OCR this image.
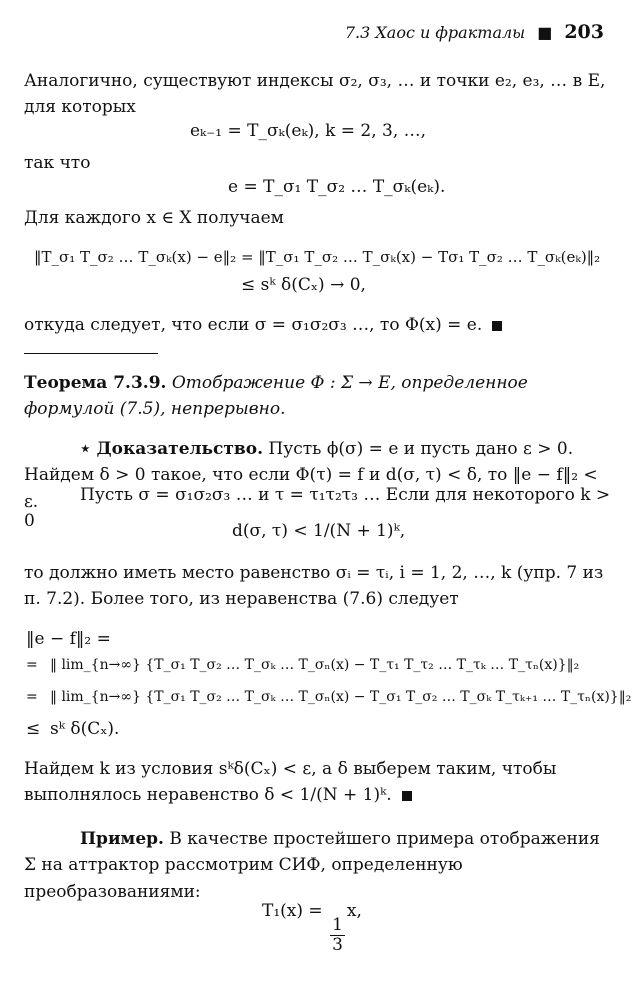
7.3 Хаос и фракталы ■ 203
Аналогично, существуют индексы σ₂, σ₃, … и точки e₂, e₃, … в E, для которых
eₖ₋₁ = T_σₖ(eₖ), k = 2, 3, …,
так что
e = T_σ₁ T_σ₂ … T_σₖ(eₖ).
Для каждого x ∈ X получаем
‖T_σ₁ T_σ₂ … T_σₖ(x) − e‖₂ = ‖T_σ₁ T_σ₂ … T_σₖ(x) − Tσ₁ T_σ₂ … T_σₖ(eₖ)‖₂
≤ sᵏ δ(Cₓ) → 0,
откуда следует, что если σ = σ₁σ₂σ₃ …, то Φ(x) = e.
Теорема 7.3.9. Отображение Φ : Σ → E, определенное формулой (7.5), непрерывно.
⋆ Доказательство. Пусть ϕ(σ) = e и пусть дано ε > 0. Найдем δ > 0 такое, что если Φ(τ) = f и d(σ, τ) < δ, то ‖e − f‖₂ < ε.	Пусть σ = σ₁σ₂σ₃ … и τ = τ₁τ₂τ₃ … Если для некоторого k > 0	d(σ, τ) < 1/(N + 1)ᵏ,
то должно иметь место равенство σᵢ = τᵢ, i = 1, 2, …, k (упр. 7 из п. 7.2). Более того, из неравенства (7.6) следует
‖e − f‖₂ =
= ‖ lim_{n→∞} {T_σ₁ T_σ₂ … T_σₖ … T_σₙ(x) − T_τ₁ T_τ₂ … T_τₖ … T_τₙ(x)}‖₂
= ‖ lim_{n→∞} {T_σ₁ T_σ₂ … T_σₖ … T_σₙ(x) − T_σ₁ T_σ₂ … T_σₖ T_τₖ₊₁ … T_τₙ(x)}‖₂
≤ sᵏ δ(Cₓ).
Найдем k из условия sᵏδ(Cₓ) < ε, а δ выберем таким, чтобы выполнялось неравенство δ < 1/(N + 1)ᵏ.
Пример. В качестве простейшего примера отображения Σ на аттрактор рассмотрим СИФ, определенную преобразованиями:
T₁(x) =
$\frac{1}{3}$
x,
